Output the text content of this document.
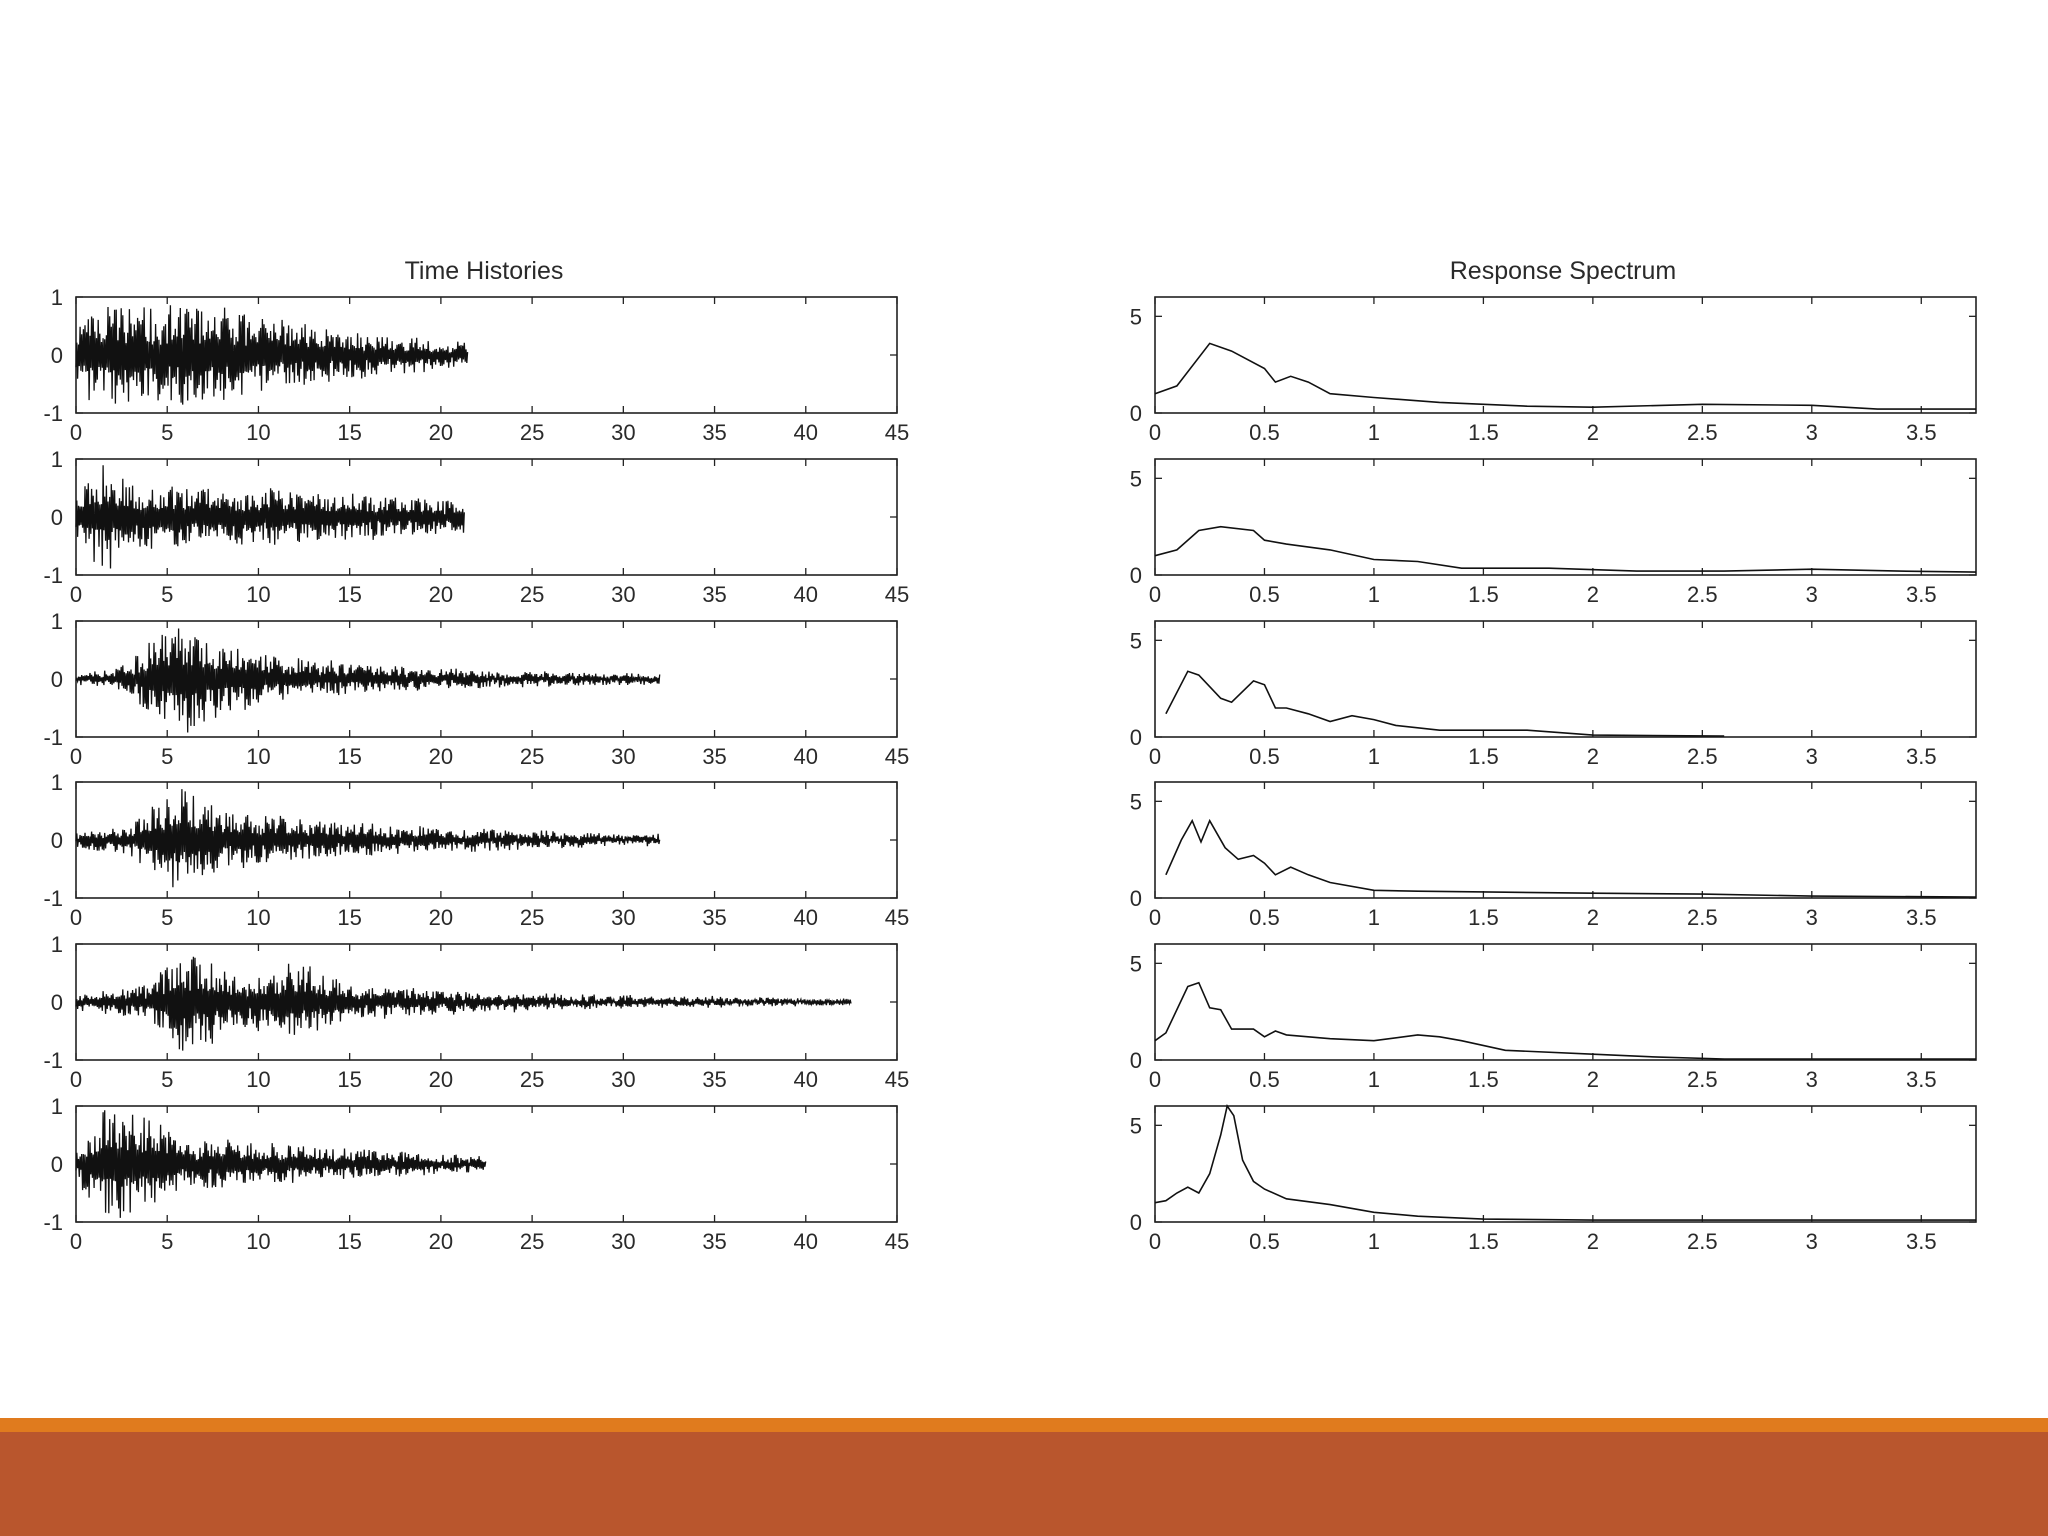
Time Histories	Response Spectrum
0	5	10	15	20	25	30	35	40	45
1
0
-1
0	5	10	15	20	25	30	35	40	45
1
0
-1
0	5	10	15	20	25	30	35	40	45
1
0
-1
0	5	10	15	20	25	30	35	40	45
1
0
-1
0	5	10	15	20	25	30	35	40	45
1
0
-1
0	5	10	15	20	25	30	35	40	45
1
0
-1
0	0.5	1	1.5	2	2.5	3	3.5
5
0
0	0.5	1	1.5	2	2.5	3	3.5
5
0
0	0.5	1	1.5	2	2.5	3	3.5
5
0
0	0.5	1	1.5	2	2.5	3	3.5
5
0
0	0.5	1	1.5	2	2.5	3	3.5
5
0
0	0.5	1	1.5	2	2.5	3	3.5
5
0
